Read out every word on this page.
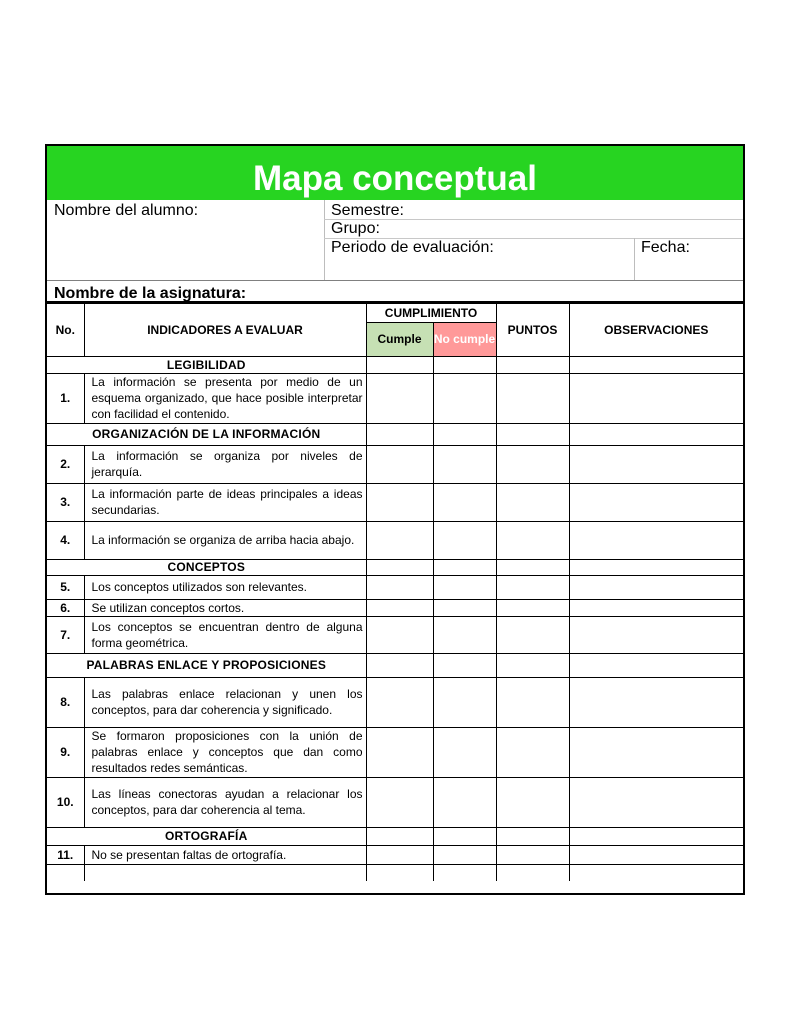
Mapa conceptual
Nombre del alumno:	Semestre:
Grupo:
Periodo de evaluación:	Fecha:
Nombre de la asignatura:
No.	INDICADORES A EVALUAR	CUMPLIMIENTO		PUNTOS	OBSERVACIONES
		Cumple	No cumple		
LEGIBILIDAD					
1.	La información se presenta por medio de un esquema organizado, que hace posible interpretar con facilidad el contenido.				
ORGANIZACIÓN DE LA INFORMACIÓN					
2.	La información se organiza por niveles de jerarquía.				
3.	La información parte de ideas principales a ideas secundarias.				
4.	La información se organiza de arriba hacia abajo.				
CONCEPTOS					
5.	Los conceptos utilizados son relevantes.				
6.	Se utilizan conceptos cortos.				
7.	Los conceptos se encuentran dentro de alguna forma geométrica.				
PALABRAS ENLACE Y PROPOSICIONES					
8.	Las palabras enlace relacionan y unen los conceptos, para dar coherencia y significado.				
9.	Se formaron proposiciones con la unión de palabras enlace y conceptos que dan como resultados redes semánticas.				
10.	Las líneas conectoras ayudan a relacionar los conceptos, para dar coherencia al tema.				
ORTOGRAFÍA					
11.	No se presentan faltas de ortografía.				
